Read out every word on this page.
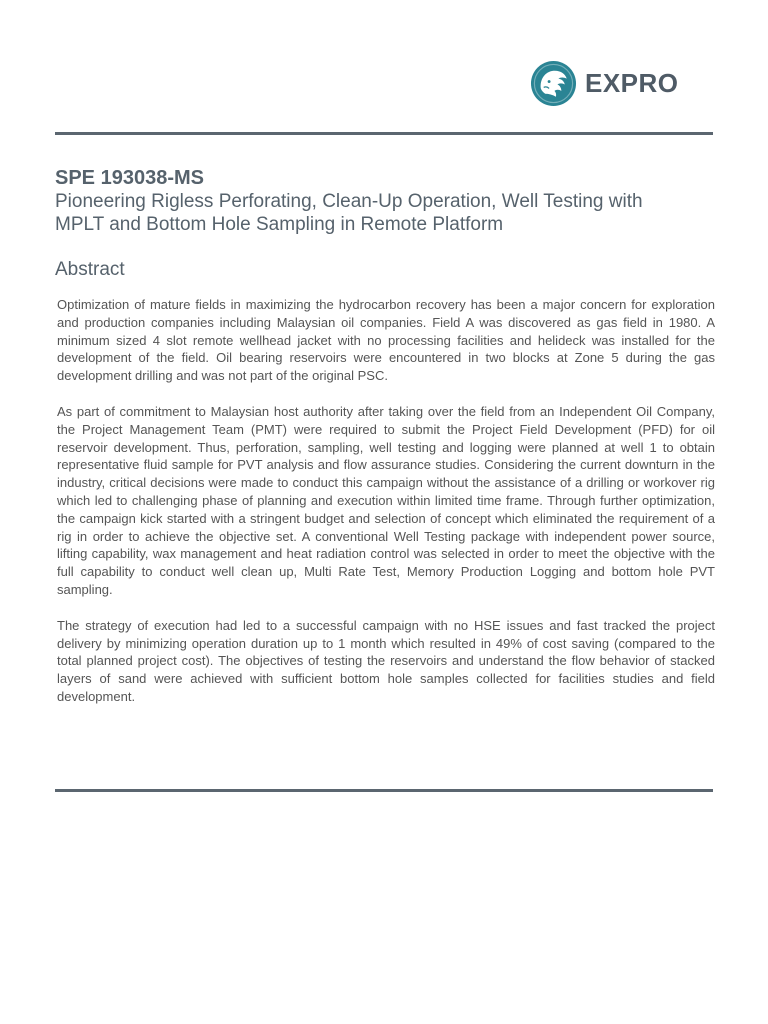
EXPRO
SPE 193038-MS
Pioneering Rigless Perforating, Clean-Up Operation, Well Testing with MPLT and Bottom Hole Sampling in Remote Platform
Abstract

Optimization of mature fields in maximizing the hydrocarbon recovery has been a major concern for exploration and production companies including Malaysian oil companies. Field A was discovered as gas field in 1980. A minimum sized 4 slot remote wellhead jacket with no processing facilities and helideck was installed for the development of the field. Oil bearing reservoirs were encountered in two blocks at Zone 5 during the gas development drilling and was not part of the original PSC.

As part of commitment to Malaysian host authority after taking over the field from an Independent Oil Company, the Project Management Team (PMT) were required to submit the Project Field Development (PFD) for oil reservoir development. Thus, perforation, sampling, well testing and logging were planned at well 1 to obtain representative fluid sample for PVT analysis and flow assurance studies. Considering the current downturn in the industry, critical decisions were made to conduct this campaign without the assistance of a drilling or workover rig which led to challenging phase of planning and execution within limited time frame. Through further optimization, the campaign kick started with a stringent budget and selection of concept which eliminated the requirement of a rig in order to achieve the objective set. A conventional Well Testing package with independent power source, lifting capability, wax management and heat radiation control was selected in order to meet the objective with the full capability to conduct well clean up, Multi Rate Test, Memory Production Logging and bottom hole PVT sampling.

The strategy of execution had led to a successful campaign with no HSE issues and fast tracked the project delivery by minimizing operation duration up to 1 month which resulted in 49% of cost saving (compared to the total planned project cost). The objectives of testing the reservoirs and understand the flow behavior of stacked layers of sand were achieved with sufficient bottom hole samples collected for facilities studies and field development.
